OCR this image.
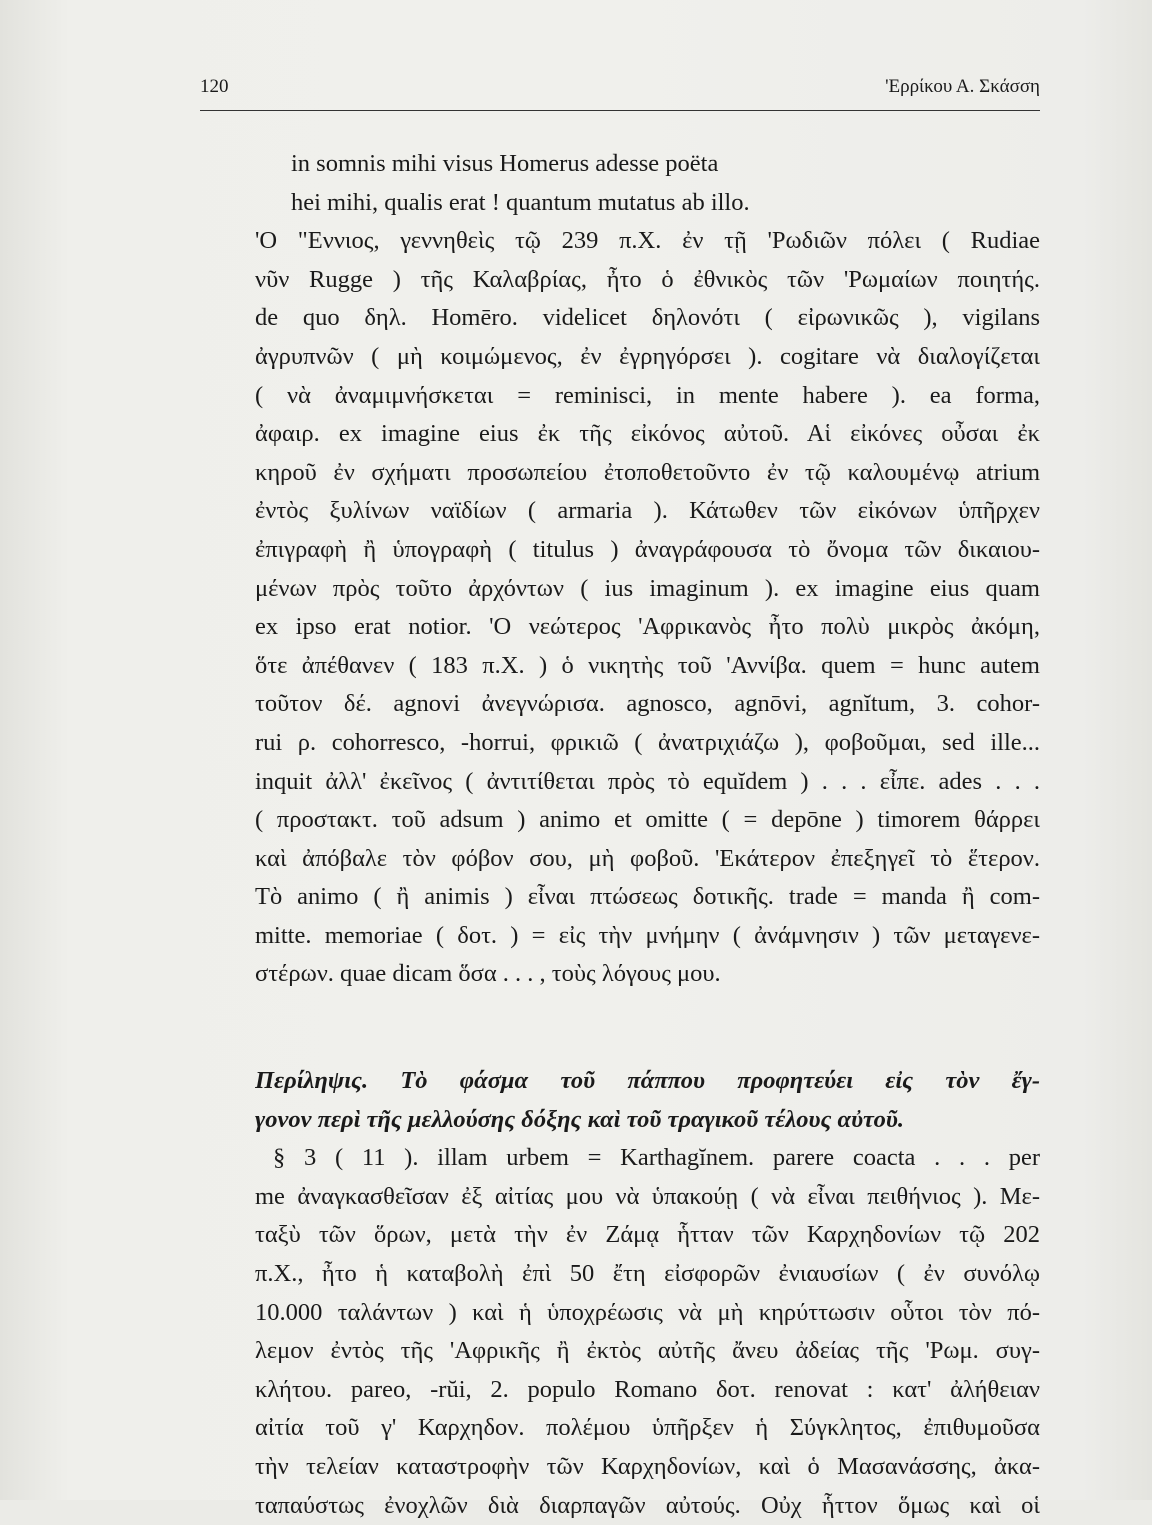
120	'Ερρίκου Α. Σκάσση
in somnis mihi visus Homerus adesse poëta
hei mihi, qualis erat ! quantum mutatus ab illo.
'Ο "Εννιος, γεννηθεὶς τῷ 239 π.Χ. ἐν τῇ 'Ρωδιῶν πόλει ( Rudiae
νῦν Rugge ) τῆς Καλαβρίας, ἦτο ὁ ἐθνικὸς τῶν 'Ρωμαίων ποιητής.
de quo δηλ. Homēro. videlicet δηλονότι ( εἰρωνικῶς ), vigilans
ἀγρυπνῶν ( μὴ κοιμώμενος, ἐν ἐγρηγόρσει ). cogitare νὰ διαλογίζεται
( νὰ ἀναμιμνήσκεται = reminisci, in mente habere ). ea forma,
ἀφαιρ. ex imagine eius ἐκ τῆς εἰκόνος αὐτοῦ. Αἱ εἰκόνες οὖσαι ἐκ
κηροῦ ἐν σχήματι προσωπείου ἐτοποθετοῦντο ἐν τῷ καλουμένῳ atrium
ἐντὸς ξυλίνων ναϊδίων ( armaria ). Κάτωθεν τῶν εἰκόνων ὑπῆρχεν
ἐπιγραφὴ ἢ ὑπογραφὴ ( titulus ) ἀναγράφουσα τὸ ὄνομα τῶν δικαιου-
μένων πρὸς τοῦτο ἀρχόντων ( ius imaginum ). ex imagine eius quam
ex ipso erat notior. 'Ο νεώτερος 'Αφρικανὸς ἦτο πολὺ μικρὸς ἀκόμη,
ὅτε ἀπέθανεν ( 183 π.Χ. ) ὁ νικητὴς τοῦ 'Αννίβα. quem = hunc autem
τοῦτον δέ. agnovi ἀνεγνώρισα. agnosco, agnōvi, agnĭtum, 3. cohor-
rui ρ. cohorresco, -horrui, φρικιῶ ( ἀνατριχιάζω ), φοβοῦμαι, sed ille...
inquit ἀλλ' ἐκεῖνος ( ἀντιτίθεται πρὸς τὸ equĭdem ) . . . εἶπε. ades . . .
( προστακτ. τοῦ adsum ) animo et omitte ( = depōne ) timorem θάρρει
καὶ ἀπόβαλε τὸν φόβον σου, μὴ φοβοῦ. 'Εκάτερον ἐπεξηγεῖ τὸ ἕτερον.
Τὸ animo ( ἢ animis ) εἶναι πτώσεως δοτικῆς. trade = manda ἢ com-
mitte. memoriae ( δοτ. ) = εἰς τὴν μνήμην ( ἀνάμνησιν ) τῶν μεταγενε-
στέρων. quae dicam ὅσα . . . , τοὺς λόγους μου.
Περίληψις. Τὸ φάσμα τοῦ πάππου προφητεύει εἰς τὸν ἔγ-
γονον περὶ τῆς μελλούσης δόξης καὶ τοῦ τραγικοῦ τέλους αὐτοῦ.
§ 3 ( 11 ). illam urbem = Karthagĭnem. parere coacta . . . per
me ἀναγκασθεῖσαν ἐξ αἰτίας μου νὰ ὑπακούῃ ( νὰ εἶναι πειθήνιος ). Με-
ταξὺ τῶν ὅρων, μετὰ τὴν ἐν Ζάμᾳ ἧτταν τῶν Καρχηδονίων τῷ 202
π.Χ., ἦτο ἡ καταβολὴ ἐπὶ 50 ἔτη εἰσφορῶν ἐνιαυσίων ( ἐν συνόλῳ
10.000 ταλάντων ) καὶ ἡ ὑποχρέωσις νὰ μὴ κηρύττωσιν οὗτοι τὸν πό-
λεμον ἐντὸς τῆς 'Αφρικῆς ἢ ἐκτὸς αὐτῆς ἄνευ ἀδείας τῆς 'Ρωμ. συγ-
κλήτου. pareo, -rŭi, 2. populo Romano δοτ. renovat : κατ' ἀλήθειαν
αἰτία τοῦ γ' Καρχηδον. πολέμου ὑπῆρξεν ἡ Σύγκλητος, ἐπιθυμοῦσα
τὴν τελείαν καταστροφὴν τῶν Καρχηδονίων, καὶ ὁ Μασανάσσης, ἀκα-
ταπαύστως ἐνοχλῶν διὰ διαρπαγῶν αὐτούς. Οὐχ ἧττον ὅμως καὶ οἱ
